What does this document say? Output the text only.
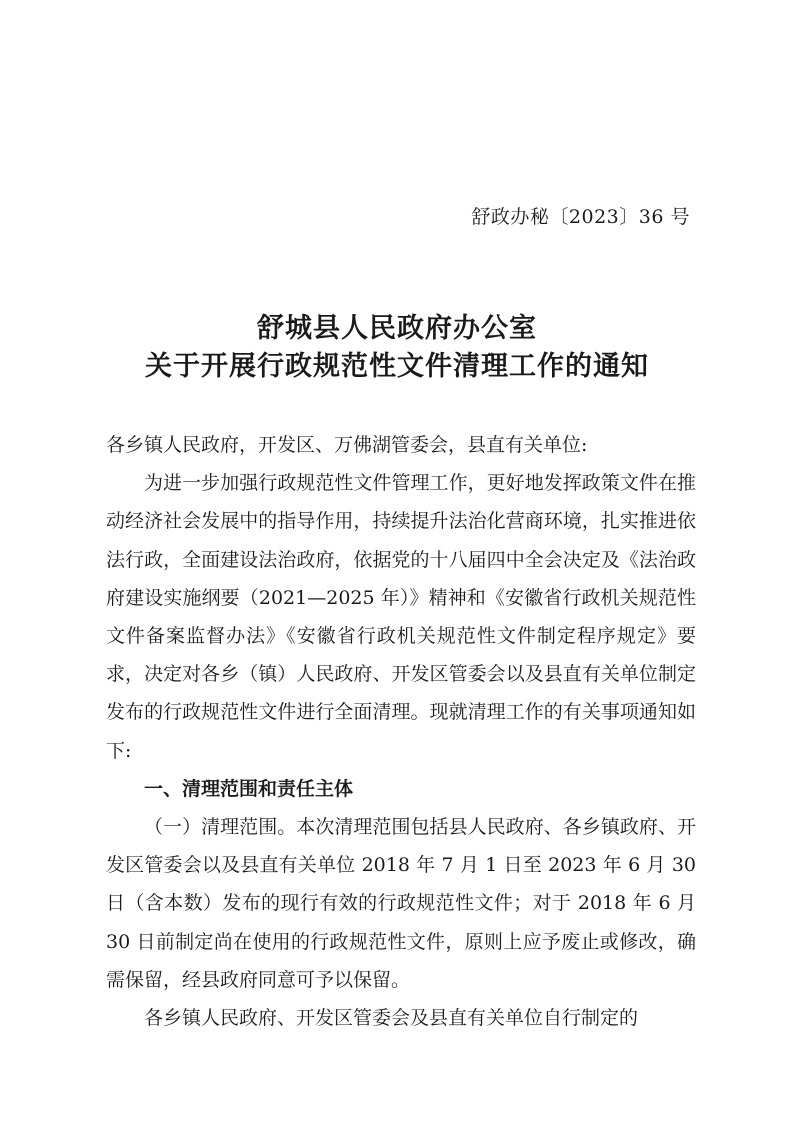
舒政办秘〔2023〕36 号
舒城县人民政府办公室
关于开展行政规范性文件清理工作的通知

各乡镇人民政府，开发区、万佛湖管委会，县直有关单位:

为进一步加强行政规范性文件管理工作，更好地发挥政策文件在推动经济社会发展中的指导作用，持续提升法治化营商环境，扎实推进依法行政，全面建设法治政府，依据党的十八届四中全会决定及《法治政府建设实施纲要（2021—2025 年）》精神和《安徽省行政机关规范性文件备案监督办法》《安徽省行政机关规范性文件制定程序规定》要求，决定对各乡（镇）人民政府、开发区管委会以及县直有关单位制定发布的行政规范性文件进行全面清理。现就清理工作的有关事项通知如下:

一、清理范围和责任主体

（一）清理范围。本次清理范围包括县人民政府、各乡镇政府、开发区管委会以及县直有关单位 2018 年 7 月 1 日至 2023 年 6 月 30 日（含本数）发布的现行有效的行政规范性文件；对于 2018 年 6 月 30 日前制定尚在使用的行政规范性文件，原则上应予废止或修改，确需保留，经县政府同意可予以保留。

各乡镇人民政府、开发区管委会及县直有关单位自行制定的
